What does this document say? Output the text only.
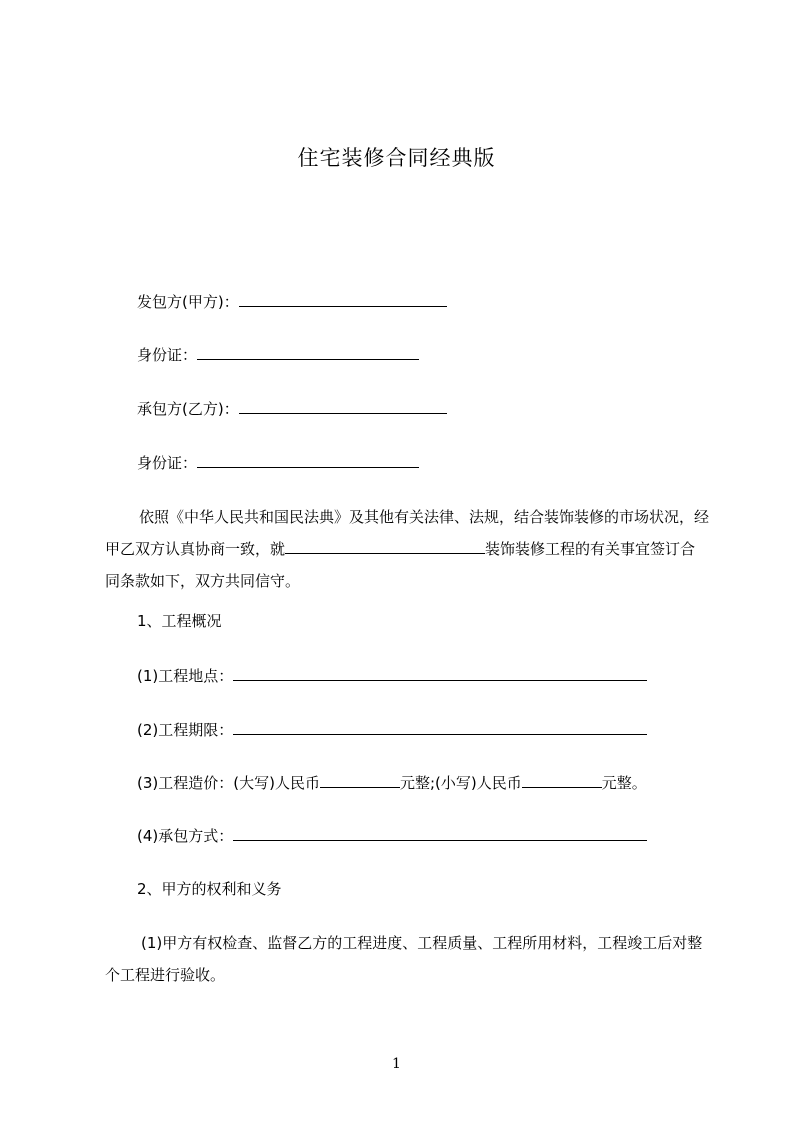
住宅装修合同经典版
发包方(甲方)：
身份证：
承包方(乙方)：
身份证：
依照《中华人民共和国民法典》及其他有关法律、法规，结合装饰装修的市场状况，经甲乙双方认真协商一致，就	装饰装修工程的有关事宜签订合同条款如下，双方共同信守。
1、工程概况
(1)工程地点：
(2)工程期限：
(3)工程造价：(大写)人民币	元整;(小写)人民币	元整。
(4)承包方式：
2、甲方的权利和义务
(1)甲方有权检查、监督乙方的工程进度、工程质量、工程所用材料，工程竣工后对整个工程进行验收。
1
